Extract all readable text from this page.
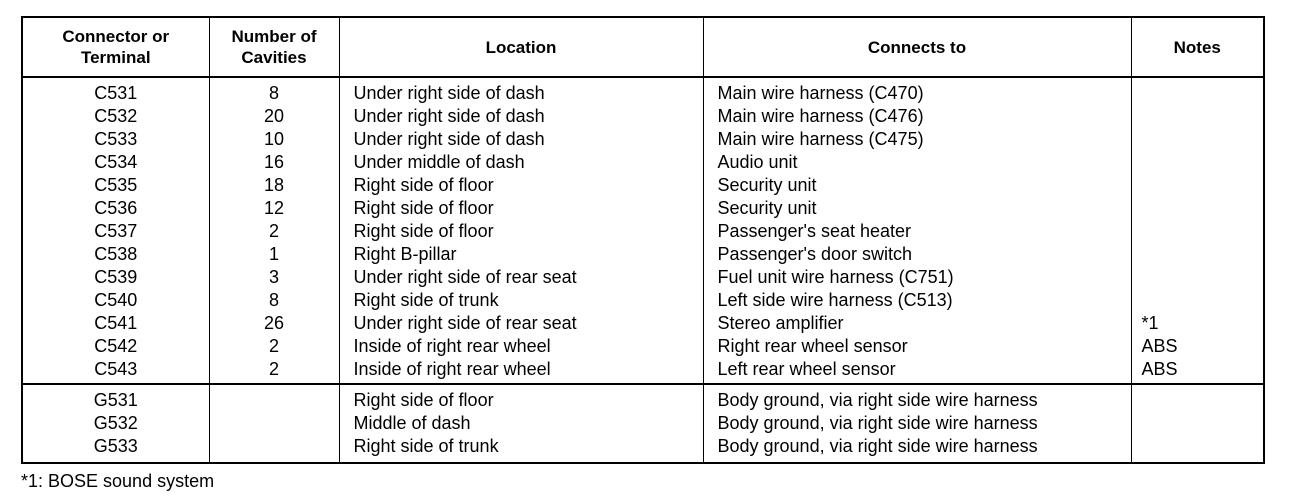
Connector or Terminal	Number of Cavities	Location	Connects to	Notes
C531	8	Under right side of dash	Main wire harness (C470)	
C532	20	Under right side of dash	Main wire harness (C476)	
C533	10	Under right side of dash	Main wire harness (C475)	
C534	16	Under middle of dash	Audio unit	
C535	18	Right side of floor	Security unit	
C536	12	Right side of floor	Security unit	
C537	2	Right side of floor	Passenger's seat heater	
C538	1	Right B-pillar	Passenger's door switch	
C539	3	Under right side of rear seat	Fuel unit wire harness (C751)	
C540	8	Right side of trunk	Left side wire harness (C513)	
C541	26	Under right side of rear seat	Stereo amplifier	*1
C542	2	Inside of right rear wheel	Right rear wheel sensor	ABS
C543	2	Inside of right rear wheel	Left rear wheel sensor	ABS
G531		Right side of floor	Body ground, via right side wire harness	
G532		Middle of dash	Body ground, via right side wire harness	
G533		Right side of trunk	Body ground, via right side wire harness	
*1: BOSE sound system
